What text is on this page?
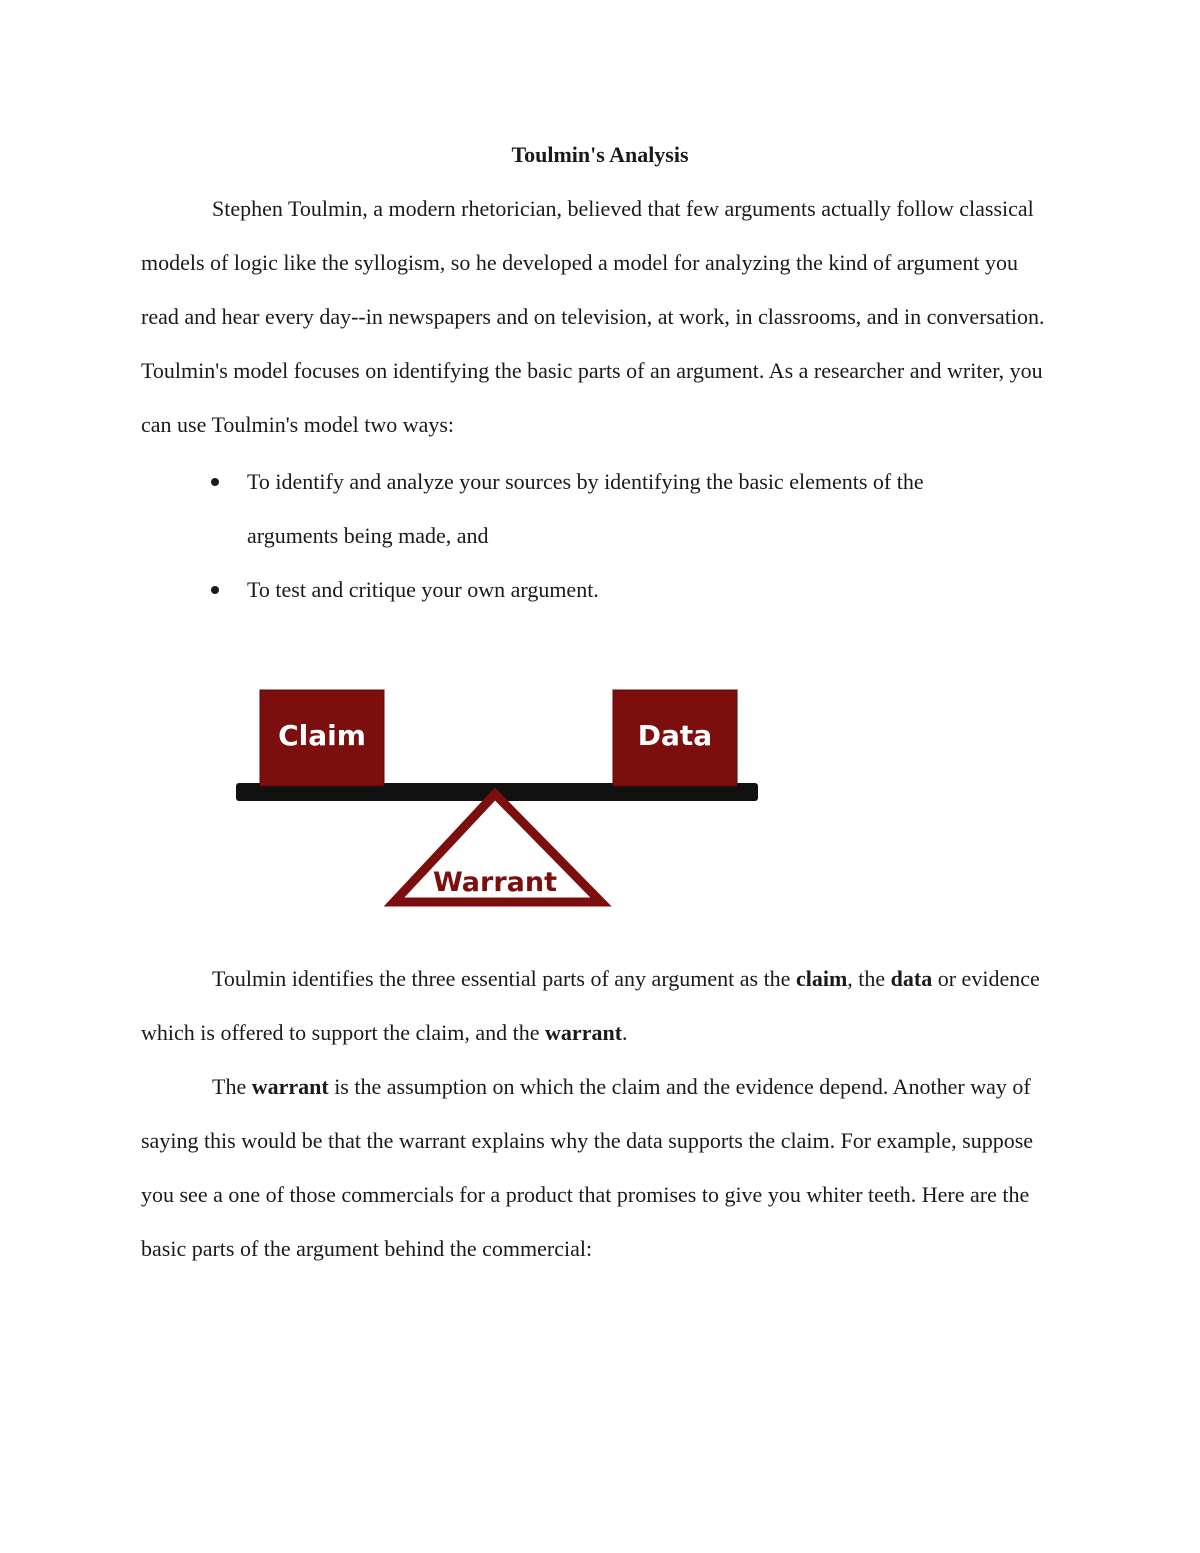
Toulmin's Analysis

Stephen Toulmin, a modern rhetorician, believed that few arguments actually follow classical models of logic like the syllogism, so he developed a model for analyzing the kind of argument you read and hear every day--in newspapers and on television, at work, in classrooms, and in conversation. Toulmin's model focuses on identifying the basic parts of an argument. As a researcher and writer, you can use Toulmin's model two ways:

To identify and analyze your sources by identifying the basic elements of the arguments being made, and
To test and critique your own argument.
Claim	Data
Warrant

Toulmin identifies the three essential parts of any argument as the claim, the data or evidence which is offered to support the claim, and the warrant.

The warrant is the assumption on which the claim and the evidence depend. Another way of saying this would be that the warrant explains why the data supports the claim. For example, suppose you see a one of those commercials for a product that promises to give you whiter teeth. Here are the basic parts of the argument behind the commercial:
